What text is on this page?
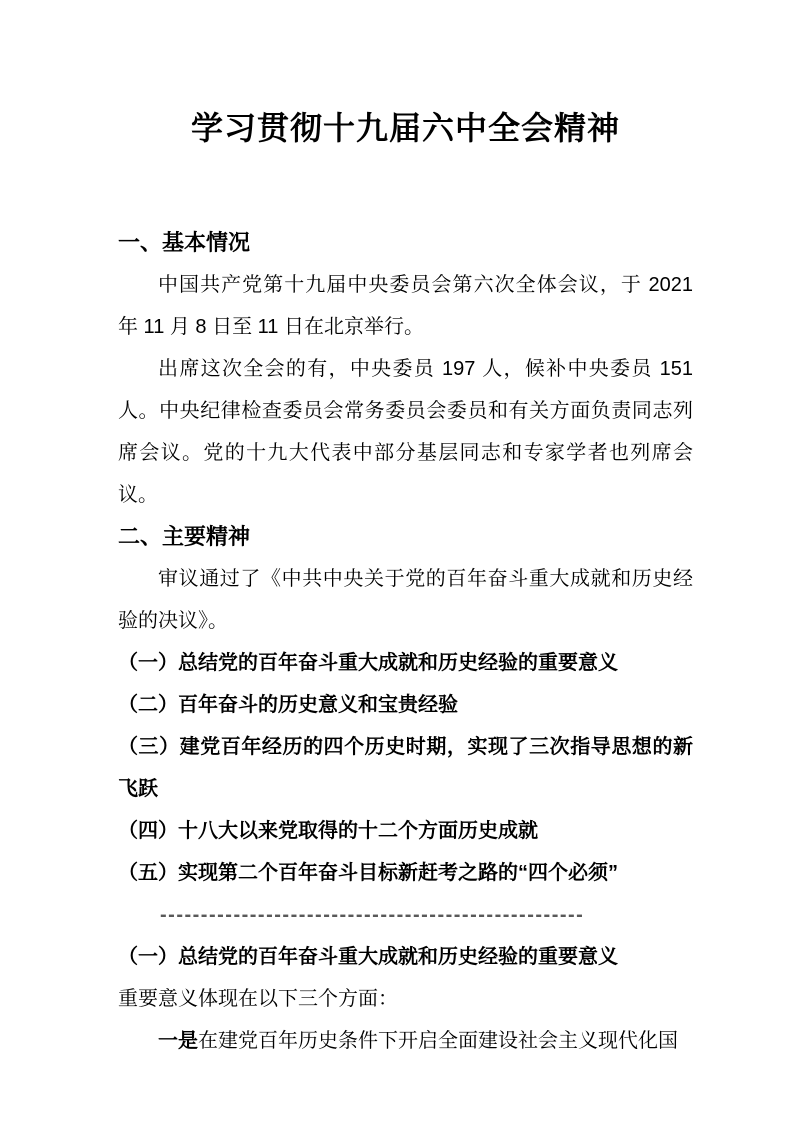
学习贯彻十九届六中全会精神
一、基本情况

中国共产党第十九届中央委员会第六次全体会议，于 2021 年 11 月 8 日至 11 日在北京举行。

出席这次全会的有，中央委员 197 人，候补中央委员 151 人。中央纪律检查委员会常务委员会委员和有关方面负责同志列席会议。党的十九大代表中部分基层同志和专家学者也列席会议。

二、主要精神

审议通过了《中共中央关于党的百年奋斗重大成就和历史经验的决议》。

（一）总结党的百年奋斗重大成就和历史经验的重要意义

（二）百年奋斗的历史意义和宝贵经验

（三）建党百年经历的四个历史时期，实现了三次指导思想的新飞跃

（四）十八大以来党取得的十二个方面历史成就

（五）实现第二个百年奋斗目标新赶考之路的“四个必须”

----------------------------------------------------

（一）总结党的百年奋斗重大成就和历史经验的重要意义

重要意义体现在以下三个方面：

一是在建党百年历史条件下开启全面建设社会主义现代化国
